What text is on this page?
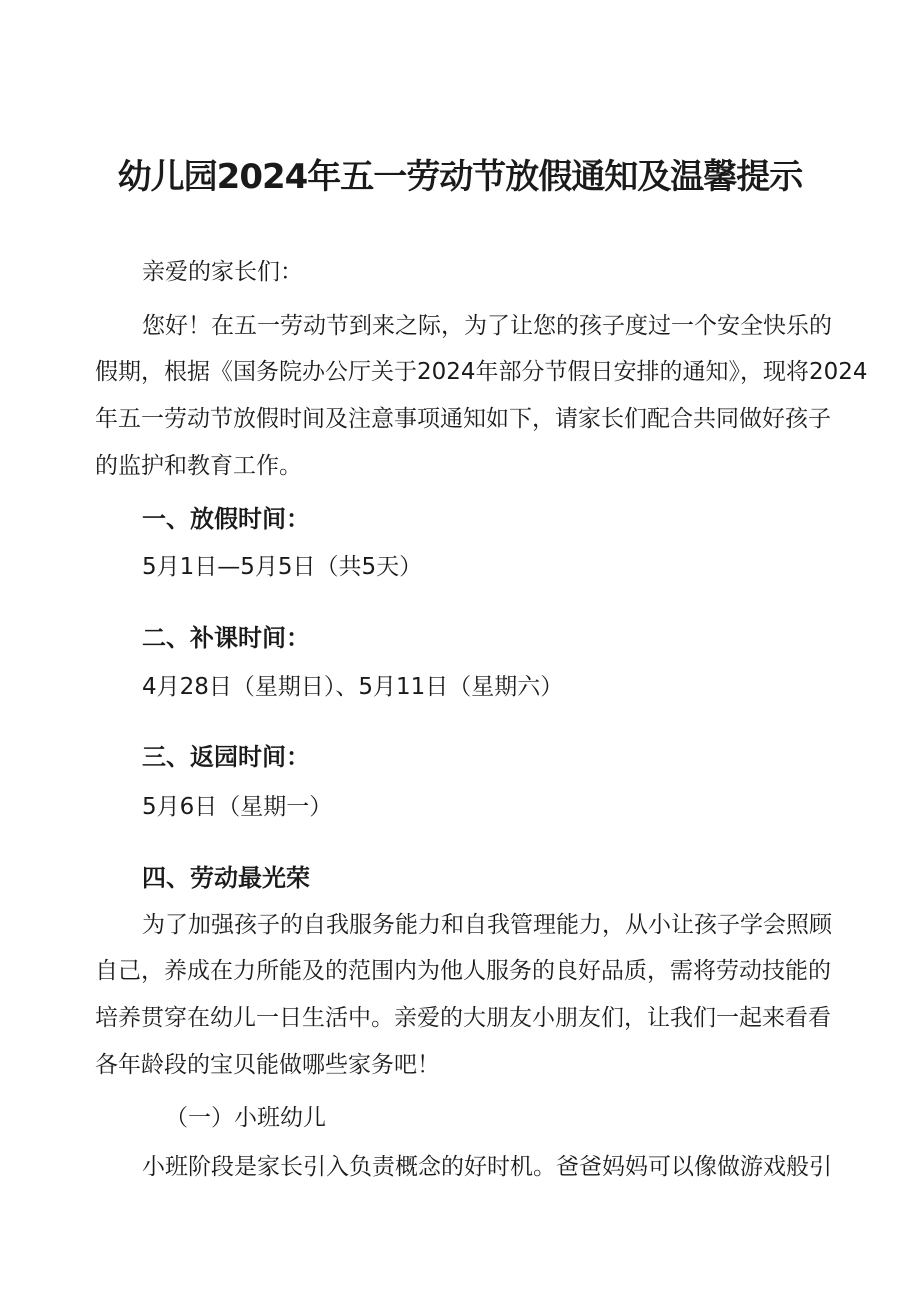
幼儿园2024年五一劳动节放假通知及温馨提示
亲爱的家长们：
您好！在五一劳动节到来之际，为了让您的孩子度过一个安全快乐的
假期，根据《国务院办公厅关于2024年部分节假日安排的通知》，现将2024
年五一劳动节放假时间及注意事项通知如下，请家长们配合共同做好孩子
的监护和教育工作。
一、放假时间：
5月1日—5月5日（共5天）
二、补课时间：
4月28日（星期日）、5月11日（星期六）
三、返园时间：
5月6日（星期一）
四、劳动最光荣
为了加强孩子的自我服务能力和自我管理能力，从小让孩子学会照顾
自己，养成在力所能及的范围内为他人服务的良好品质，需将劳动技能的
培养贯穿在幼儿一日生活中。亲爱的大朋友小朋友们，让我们一起来看看
各年龄段的宝贝能做哪些家务吧！
（一）小班幼儿
小班阶段是家长引入负责概念的好时机。爸爸妈妈可以像做游戏般引
